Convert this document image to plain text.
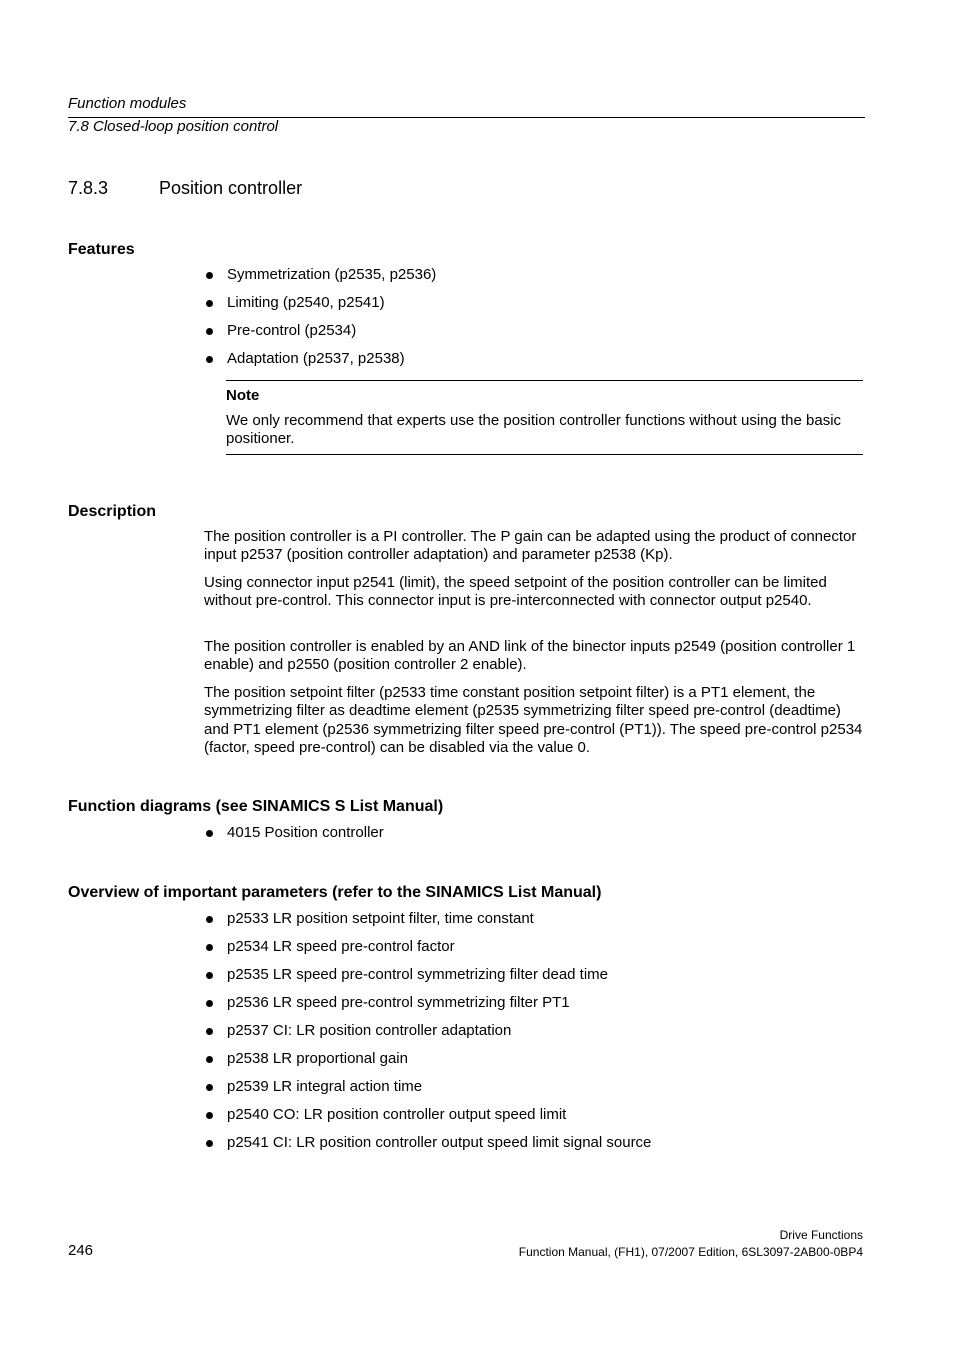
Function modules
7.8 Closed-loop position control
7.8.3	Position controller
Features
Symmetrization (p2535, p2536)
Limiting (p2540, p2541)
Pre-control (p2534)
Adaptation (p2537, p2538)
Note
We only recommend that experts use the position controller functions without using the basic positioner.
Description

The position controller is a PI controller. The P gain can be adapted using the product of connector input p2537 (position controller adaptation) and parameter p2538 (Kp).

Using connector input p2541 (limit), the speed setpoint of the position controller can be limited without pre-control. This connector input is pre-interconnected with connector output p2540.

The position controller is enabled by an AND link of the binector inputs p2549 (position controller 1 enable) and p2550 (position controller 2 enable).

The position setpoint filter (p2533 time constant position setpoint filter) is a PT1 element, the symmetrizing filter as deadtime element (p2535 symmetrizing filter speed pre-control (deadtime) and PT1 element (p2536 symmetrizing filter speed pre-control (PT1)). The speed pre-control p2534 (factor, speed pre-control) can be disabled via the value 0.

Function diagrams (see SINAMICS S List Manual)
4015 Position controller
Overview of important parameters (refer to the SINAMICS List Manual)
p2533 LR position setpoint filter, time constant
p2534 LR speed pre-control factor
p2535 LR speed pre-control symmetrizing filter dead time
p2536 LR speed pre-control symmetrizing filter PT1
p2537 CI: LR position controller adaptation
p2538 LR proportional gain
p2539 LR integral action time
p2540 CO: LR position controller output speed limit
p2541 CI: LR position controller output speed limit signal source
Drive Functions
246	Function Manual, (FH1), 07/2007 Edition, 6SL3097-2AB00-0BP4
